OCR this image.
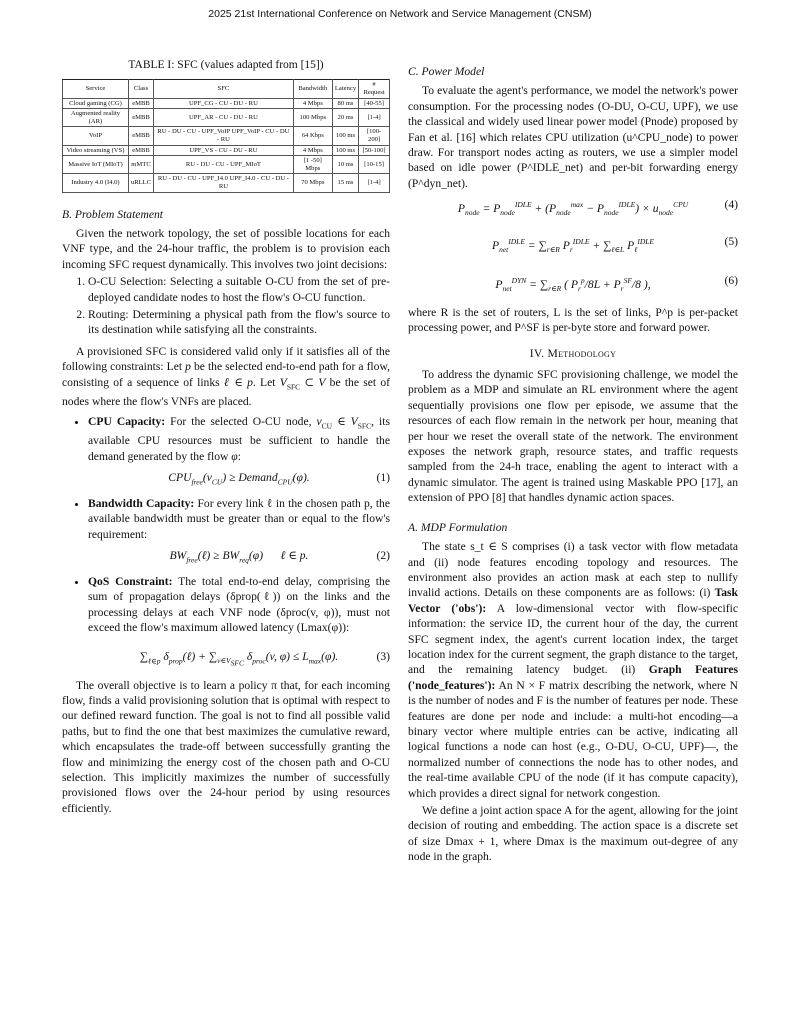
2025 21st International Conference on Network and Service Management (CNSM)
TABLE I: SFC (values adapted from [15])
Service	Class	SFC	Bandwidth	Latency	# Request
Cloud gaming (CG)	eMBB	UPF_CG - CU - DU - RU	4 Mbps	80 ms	[40-55]
Augmented reality (AR)	eMBB	UPF_AR - CU - DU - RU	100 Mbps	20 ms	[1-4]
VoIP	eMBB	RU - DU - CU - UPF_VoIP UPF_VoIP - CU - DU - RU	64 Kbps	100 ms	[100-200]
Video streaming (VS)	eMBB	UPF_VS - CU - DU - RU	4 Mbps	100 ms	[50-100]
Massive IoT (MIoT)	mMTC	RU - DU - CU - UPF_MIoT	[1 -50] Mbps	10 ms	[10-15]
Industry 4.0 (I4.0)	uRLLC	RU - DU - CU - UPF_I4.0 UPF_I4.0 - CU - DU - RU	70 Mbps	15 ms	[1-4]
B. Problem Statement

Given the network topology, the set of possible locations for each VNF type, and the 24-hour traffic, the problem is to provision each incoming SFC request dynamically. This involves two joint decisions:

1. O-CU Selection: Selecting a suitable O-CU from the set of pre-deployed candidate nodes to host the flow's O-CU function.
2. Routing: Determining a physical path from the flow's source to its destination while satisfying all the constraints.

A provisioned SFC is considered valid only if it satisfies all of the following constraints: Let p be the selected end-to-end path for a flow, consisting of a sequence of links ℓ ∈ p. Let $V_{SFC}$ ⊂ V be the set of nodes where the flow's VNFs are placed.

• CPU Capacity: For the selected O-CU node, $v_{CU}$ ∈ $V_{SFC}$, its available CPU resources must be sufficient to handle the demand generated by the flow φ:
$CPU_{free}(v_{CU})$ ≥ Demand$_{CPU}$(φ).	(1)
• Bandwidth Capacity: For every link ℓ in the chosen path p, the available bandwidth must be greater than or equal to the flow's requirement:
$BW_{free}(\ell) \ge BW_{req}(\varphi)$      ℓ ∈ p.	(2)
• QoS Constraint: The total end-to-end delay, comprising the sum of propagation delays (δprop(ℓ)) on the links and the processing delays at each VNF node (δproc(v, φ)), must not exceed the flow's maximum allowed latency (Lmax(φ)):
$\sum_{\ell\in p}$ $\delta_{prop}(\ell) + \sum_{v\in V_{SFC}}$ $\delta_{proc}(v$, $\varphi) \le L_{max}(\varphi)$.	(3)

The overall objective is to learn a policy π that, for each incoming flow, finds a valid provisioning solution that is optimal with respect to our defined reward function. The goal is not to find all possible valid paths, but to find the one that best maximizes the cumulative reward, which encapsulates the trade-off between successfully granting the flow and minimizing the energy cost of the chosen path and O-CU selection. This implicitly maximizes the number of successfully provisioned flows over the 24-hour period by using resources efficiently.

C. Power Model

To evaluate the agent's performance, we model the network's power consumption. For the processing nodes (O-DU, O-CU, UPF), we use the classical and widely used linear power model (Pnode) proposed by Fan et al. [16] which relates CPU utilization (u^CPU_node) to power draw. For transport nodes acting as routers, we use a simpler model based on idle power (P^IDLE_net) and per-bit forwarding energy (P^dyn_net).

$P_{node} = P_{node}^{IDLE} + (P_{node}^{max} - P_{node}^{IDLE}) \times u_{node}^{CPU}$	(4)
$P_{net}^{IDLE} = \sum_{r\in R}$ $P_r^{IDLE} + \sum_{\ell\in L}$ $P_\ell^{IDLE}$	(5)
$P_{net}^{DYN} = \sum_{r\in R}$ ( $P_r^p/8L + P_r^{SF}/8$ ),	(6)

where R is the set of routers, L is the set of links, P^p is per-packet processing power, and P^SF is per-byte store and forward power.

IV. Methodology

To address the dynamic SFC provisioning challenge, we model the problem as a MDP and simulate an RL environment where the agent sequentially provisions one flow per episode, we assume that the resources of each flow remain in the network per hour, meaning that per hour we reset the overall state of the network. The environment exposes the network graph, resource states, and traffic requests sampled from the 24-h trace, enabling the agent to interact with a dynamic simulator. The agent is trained using Maskable PPO [17], an extension of PPO [8] that handles dynamic action spaces.

A. MDP Formulation

The state s_t ∈ S comprises (i) a task vector with flow metadata and (ii) node features encoding topology and resources. The environment also provides an action mask at each step to nullify invalid actions. Details on these components are as follows: (i) Task Vector ('obs'): A low-dimensional vector with flow-specific information: the service ID, the current hour of the day, the current SFC segment index, the agent's current location index, the target location index for the current segment, the graph distance to the target, and the remaining latency budget. (ii) Graph Features ('node_features'): An N × F matrix describing the network, where N is the number of nodes and F is the number of features per node. These features are done per node and include: a multi-hot encoding—a binary vector where multiple entries can be active, indicating all logical functions a node can host (e.g., O-DU, O-CU, UPF)—, the normalized number of connections the node has to other nodes, and the real-time available CPU of the node (if it has compute capacity), which provides a direct signal for network congestion.

We define a joint action space A for the agent, allowing for the joint decision of routing and embedding. The action space is a discrete set of size Dmax + 1, where Dmax is the maximum out-degree of any node in the graph.
